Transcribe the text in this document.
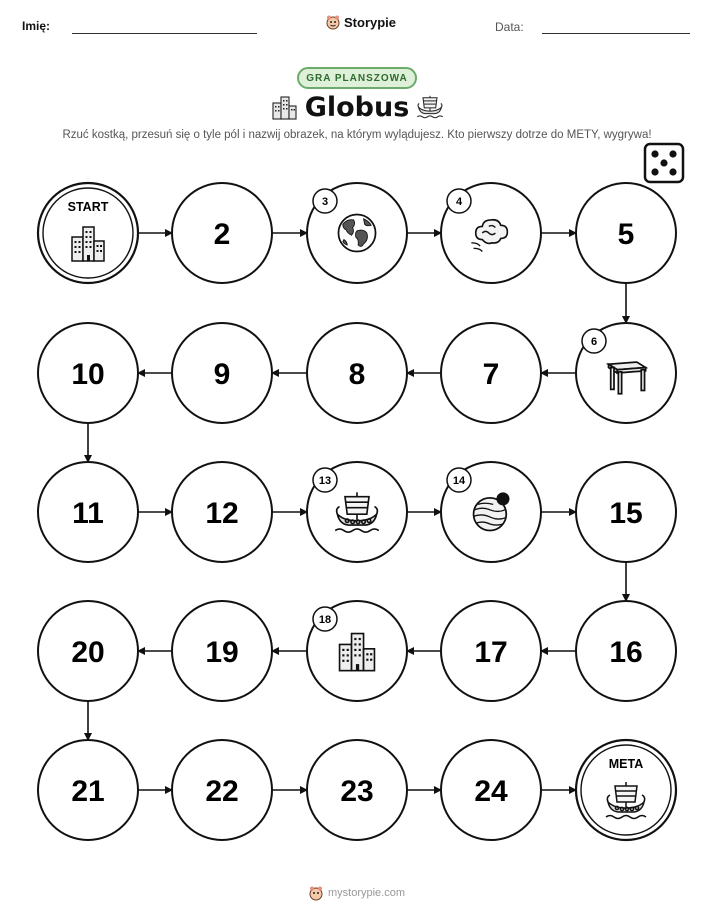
Imię:	Storypie	Data:
GRA PLANSZOWA
Globus
Rzuć kostką, przesuń się o tyle pól i nazwij obrazek, na którym wylądujesz. Kto pierwszy dotrze do METY, wygrywa!
START
2
3	4
5
10	9	8	7
6
11	12
13	14
15
20	19
18
17	16
21	22	23	24
META
mystorypie.com
